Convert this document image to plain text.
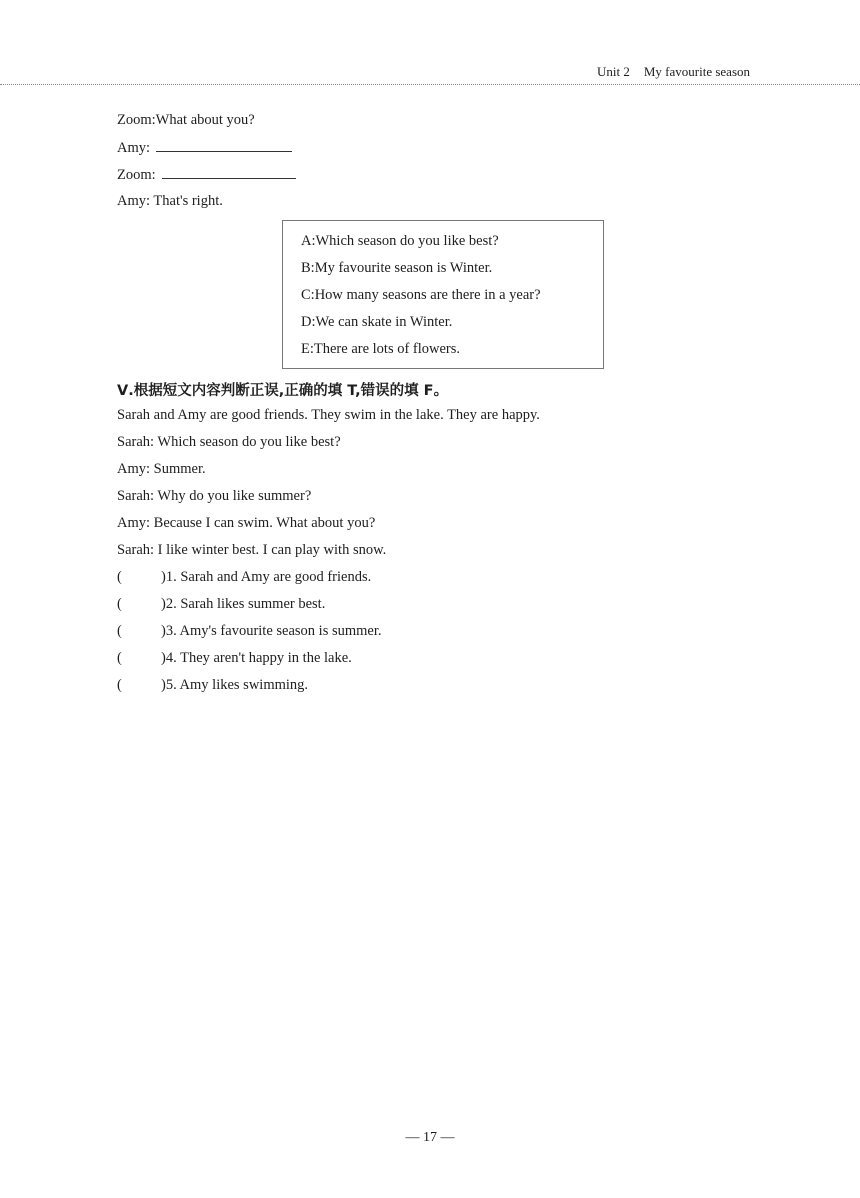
Unit 2 My favourite season
Zoom:What about you?
Amy:
Zoom:
Amy: That's right.
A:Which season do you like best?
B:My favourite season is Winter.
C:How many seasons are there in a year?
D:We can skate in Winter.
E:There are lots of flowers.
Ⅴ.根据短文内容判断正误,正确的填 T,错误的填 F。
Sarah and Amy are good friends. They swim in the lake. They are happy.
Sarah: Which season do you like best?
Amy: Summer.
Sarah: Why do you like summer?
Amy: Because I can swim. What about you?
Sarah: I like winter best. I can play with snow.
(	)1. Sarah and Amy are good friends.
(	)2. Sarah likes summer best.
(	)3. Amy's favourite season is summer.
(	)4. They aren't happy in the lake.
(	)5. Amy likes swimming.
— 17 —
